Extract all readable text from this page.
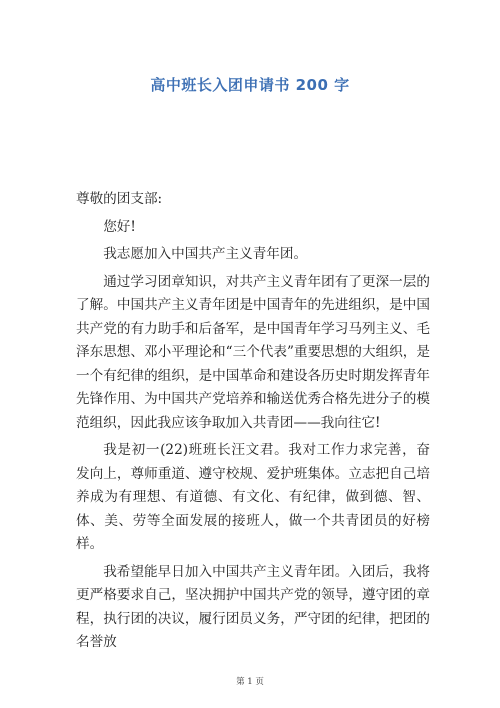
高中班长入团申请书 200 字

尊敬的团支部:

您好!

我志愿加入中国共产主义青年团。

通过学习团章知识，对共产主义青年团有了更深一层的了解。中国共产主义青年团是中国青年的先进组织，是中国共产党的有力助手和后备军，是中国青年学习马列主义、毛泽东思想、邓小平理论和“三个代表”重要思想的大组织，是一个有纪律的组织，是中国革命和建设各历史时期发挥青年先锋作用、为中国共产党培养和输送优秀合格先进分子的模范组织，因此我应该争取加入共青团——我向往它!

我是初一(22)班班长汪文君。我对工作力求完善，奋发向上，尊师重道、遵守校规、爱护班集体。立志把自己培养成为有理想、有道德、有文化、有纪律，做到德、智、体、美、劳等全面发展的接班人，做一个共青团员的好榜样。

我希望能早日加入中国共产主义青年团。入团后，我将更严格要求自己，坚决拥护中国共产党的领导，遵守团的章程，执行团的决议，履行团员义务，严守团的纪律，把团的名誉放

第 1 页
